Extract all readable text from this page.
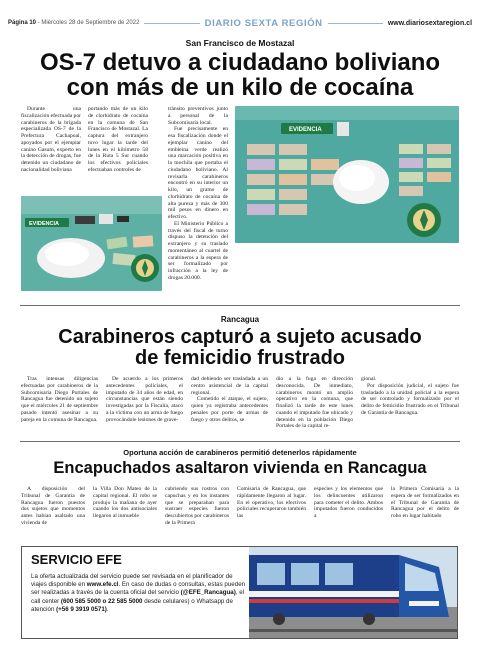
Página 10 - Miércoles 28 de Septiembre de 2022	DIARIO SEXTA REGIÓN	www.diariosextaregion.cl
San Francisco de Mostazal
OS-7 detuvo a ciudadano boliviano
con más de un kilo de cocaína

Durante una fiscalización efectuada por carabineros de la brigada especializada OS-7 de la Prefectura Cachapoal, apoyados por el ejemplar canino Gasum, experto en la detección de drogas, fue detenido un ciudadano de nacionalidad boliviana

portando más de un kilo de clorhidrato de cocaína en la comuna de San Francisco de Mostazal. La captura del extranjero tuvo lugar la tarde del lunes en el kilómetro 58 de la Ruta 5 Sur cuando los efectivos policiales efectuaban controles de

tránsito preventivos junto a personal de la Subcomisaría local.

Fue precisamente en esa fiscalización donde el ejemplar canino del embleina verde realizó una marcación positiva en la mochila que portaba el ciudadano boliviano. Al revisarla carabineros encontró en su interior un kilo, un gramo de clorhidrato de cocaína de alta pureza y más de 300 mil pesos en dinero en efectivo.

El Ministerio Público a través del fiscal de turno dispuso la detención del extranjero y su traslado momentáneo al cuartel de carabineros a la espera de ser formalizado por infracción a la ley de drogas 20.000.

EVIDENCIA
EVIDENCIA
Rancagua
Carabineros capturó a sujeto acusado
de femicidio frustrado

Tras intensas diligencias efectuadas por carabineros de la Subcomisaría Diego Portales de Rancagua fue detenido un sujeto que el miércoles 21 de septiembre pasado intentó asesinar a su pareja en la comuna de Rancagua.

De acuerdo a los primeros antecedentes policiales, el imputado de 34 años de edad, en circunstancias que están siendo investigadas por la Fiscalía, atacó a la víctima con un arma de fuego provocándole lesiones de grave-

dad debiendo ser trasladada a un centro asistencial de la capital regional.

Cometido el ataque, el sujeto, quien ya registraba antecedentes penales por porte de armas de fuego y otros delitos, se

dio a la fuga en dirección desconocida. De inmediato, carabineros montó un amplio operativo en la comuna, que finalizó la tarde de este lunes cuando el imputado fue ubicado y detenido en la población Diego Portales de la capital re-

gional.

Por disposición judicial, el sujeto fue trasladado a la unidad policial a la espera de ser controlado y formalizado por el delito de femicidio frustrado en el Tribunal de Garantía de Rancagua.

Oportuna acción de carabineros permitió detenerlos rápidamente
Encapuchados asaltaron vivienda en Rancagua

A disposición del Tribunal de Garantía de Rancagua fueron puestos dos sujetos que momentos antes habían asaltado una vivienda de

la Villa Don Mateo de la capital regional. El robo se produjo la mañana de ayer cuando los dos antisociales llegaron al inmueble

cubriendo sus rostros con capuchas y en los instantes que se preparaban para sustraer especies fueron descubiertos por carabineros de la Primera

Comisaría de Rancagua, que rápidamente llegaron al lugar. En el operativo, los efectivos policiales recuperaron también las

especies y los elementos que los delincuentes utilizaron para cometer el delito. Ambos imputados fueron conducidos a

la Primera Comisaría a la espera de ser formalizados en el Tribunal de Garantía de Rancagua por el delito de robo en lugar habitado

SERVICIO EFE
La oferta actualizada del servicio puede ser revisada en el planificador de viajes disponible en www.efe.cl. En caso de dudas o consultas, estas pueden ser realizadas a través de la cuenta oficial del servicio (@EFE_Rancagua), el call center (600 585 5000 o 22 585 5000 desde celulares) o Whatsapp de atención (+56 9 3919 0571).
